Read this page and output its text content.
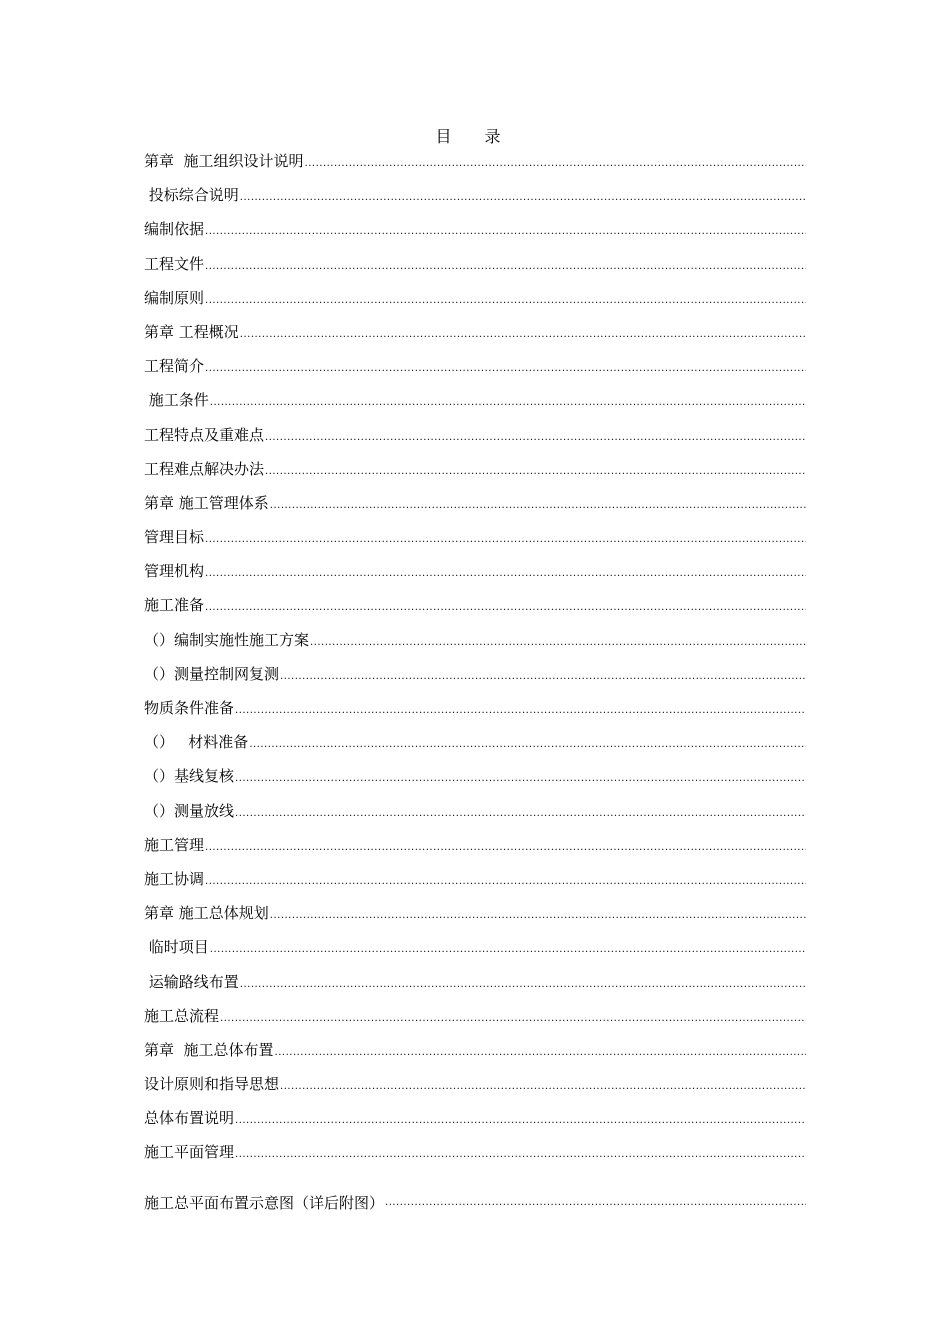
目 录
第章  施工组织设计说明
.....
投标综合说明
.....
编制依据
.....
工程文件
.....
编制原则
.....
第章 工程概况
.....
工程简介
.....
施工条件
.....
工程特点及重难点
.....
工程难点解决办法
.....
第章 施工管理体系
.....
管理目标
.....
管理机构
.....
施工准备
.....
（）编制实施性施工方案
.....
（）测量控制网复测
.....
物质条件准备
.....
（）   材料准备
.....
（）基线复核
.....
（）测量放线
.....
施工管理
.....
施工协调
.....
第章 施工总体规划
.....
临时项目
.....
运输路线布置
.....
施工总流程
.....
第章  施工总体布置
.....
设计原则和指导思想
.....
总体布置说明
.....
施工平面管理
.....
施工总平面布置示意图（详后附图）
.....
